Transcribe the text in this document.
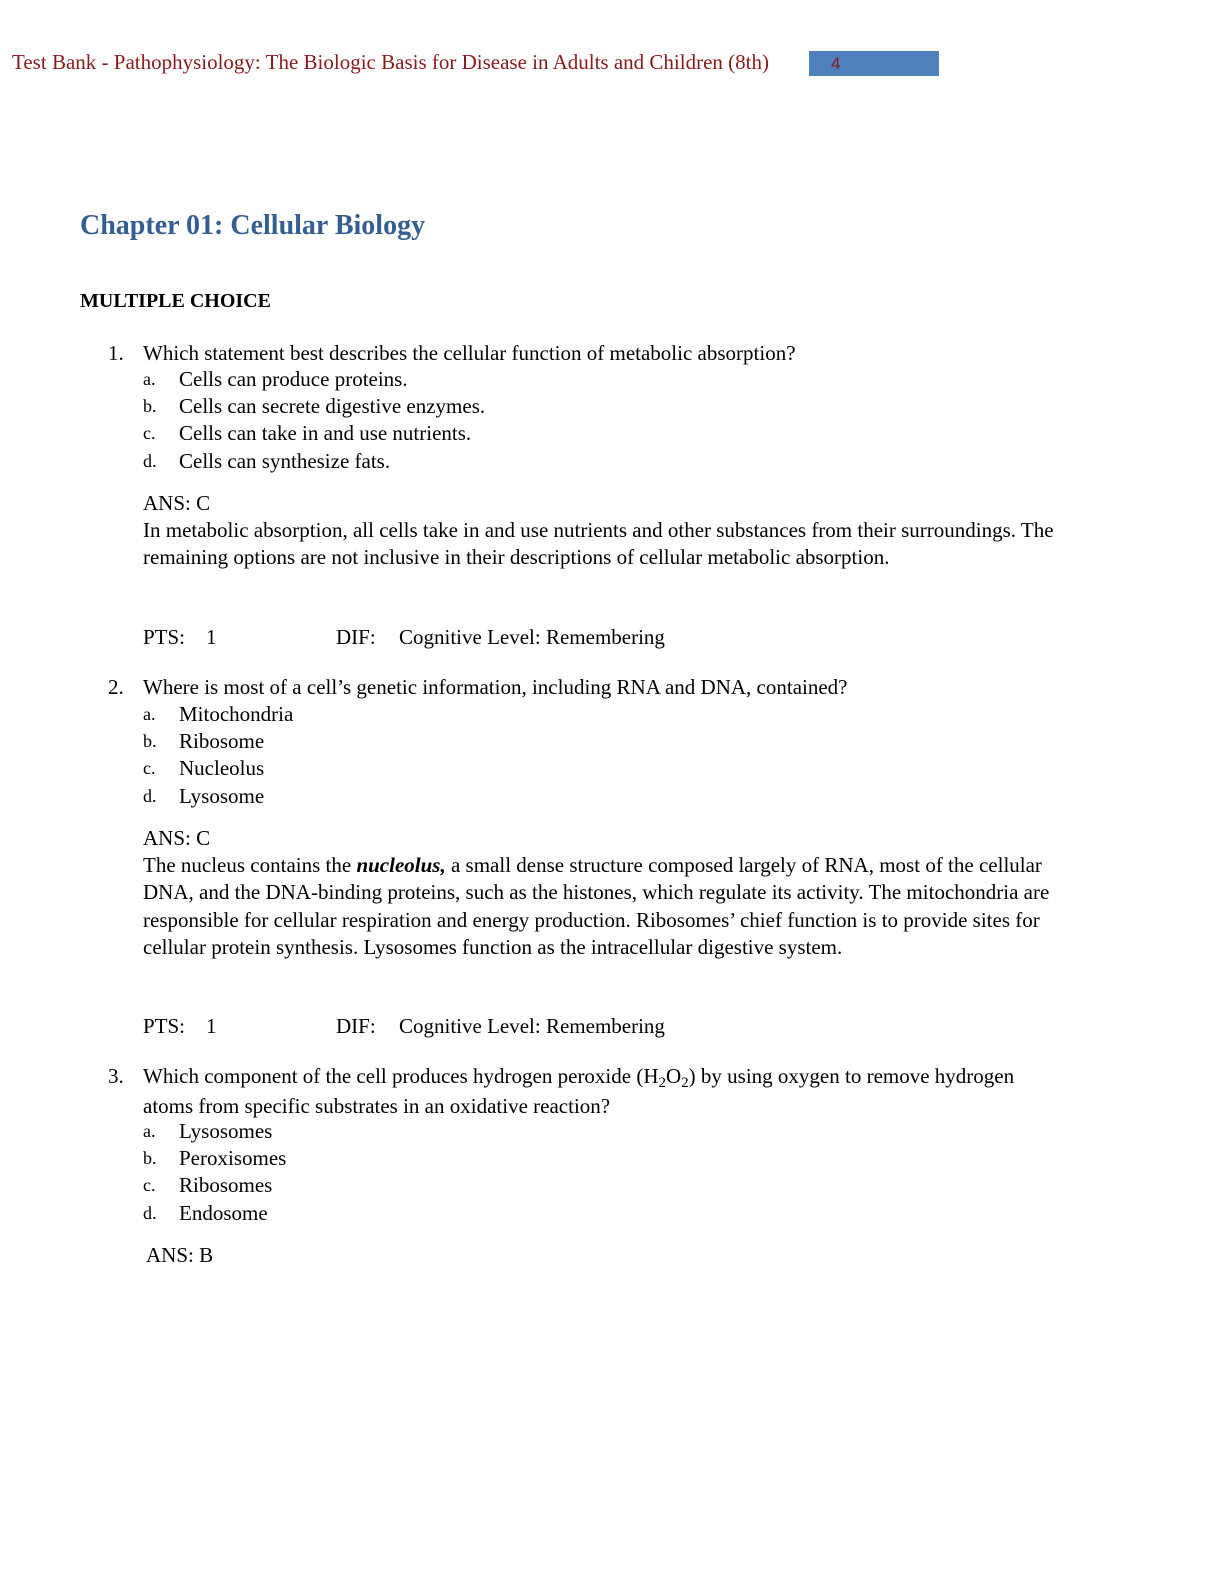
Test Bank - Pathophysiology: The Biologic Basis for Disease in Adults and Children (8th)	4
Chapter 01: Cellular Biology
MULTIPLE CHOICE
1. Which statement best describes the cellular function of metabolic absorption?
a. Cells can produce proteins.
b. Cells can secrete digestive enzymes.
c. Cells can take in and use nutrients.
d. Cells can synthesize fats.
ANS: C
In metabolic absorption, all cells take in and use nutrients and other substances from their surroundings. The remaining options are not inclusive in their descriptions of cellular metabolic absorption.
PTS: 1	DIF: Cognitive Level: Remembering
2. Where is most of a cell’s genetic information, including RNA and DNA, contained?
a. Mitochondria
b. Ribosome
c. Nucleolus
d. Lysosome
ANS: C
The nucleus contains the nucleolus, a small dense structure composed largely of RNA, most of the cellular DNA, and the DNA-binding proteins, such as the histones, which regulate its activity. The mitochondria are responsible for cellular respiration and energy production. Ribosomes’ chief function is to provide sites for cellular protein synthesis. Lysosomes function as the intracellular digestive system.
PTS: 1	DIF: Cognitive Level: Remembering
3. Which component of the cell produces hydrogen peroxide $(H_2O_2)$ by using oxygen to remove hydrogen atoms from specific substrates in an oxidative reaction?
a. Lysosomes
b. Peroxisomes
c. Ribosomes
d. Endosome
ANS: B
